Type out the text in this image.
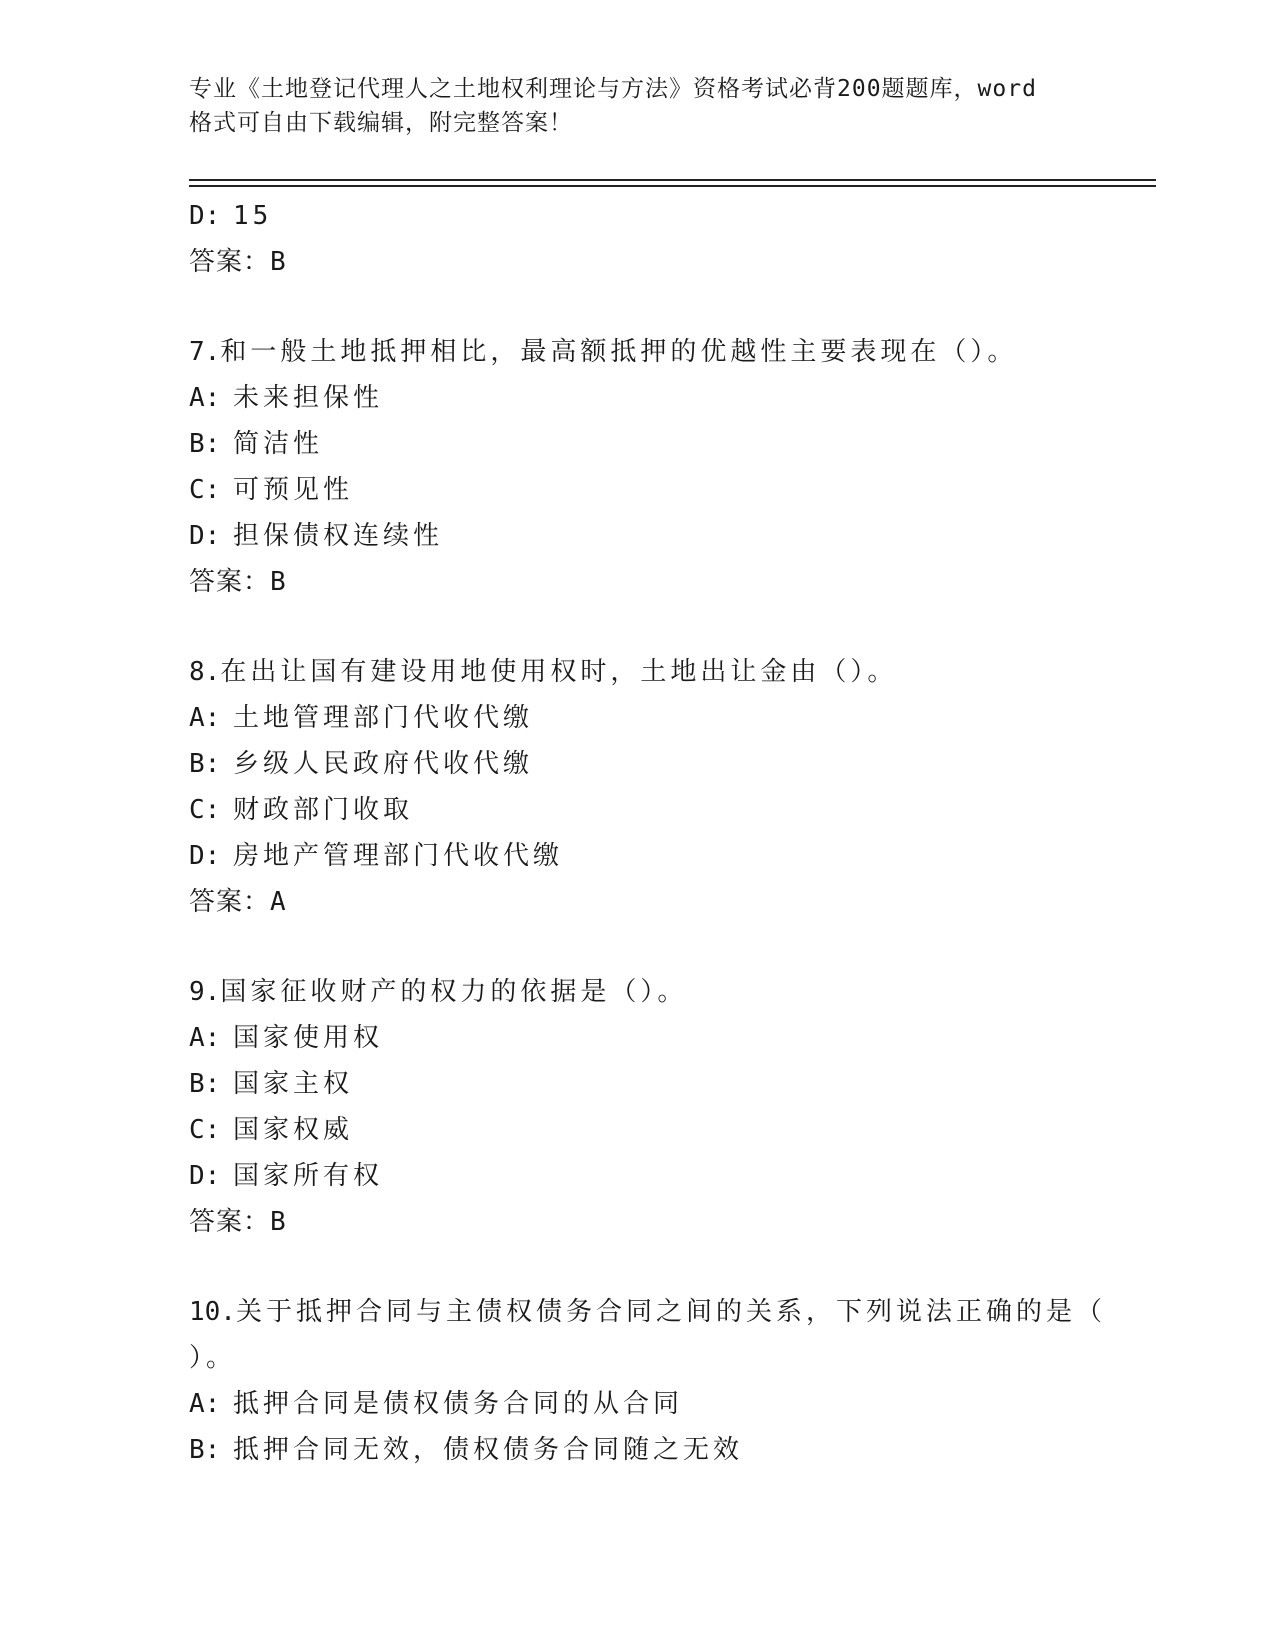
专业《土地登记代理人之土地权利理论与方法》资格考试必背200题题库，word
格式可自由下载编辑，附完整答案！
D: 15
答案：B
7.和一般土地抵押相比，最高额抵押的优越性主要表现在（）。
A: 未来担保性
B: 简洁性
C: 可预见性
D: 担保债权连续性
答案：B
8.在出让国有建设用地使用权时，土地出让金由（）。
A: 土地管理部门代收代缴
B: 乡级人民政府代收代缴
C: 财政部门收取
D: 房地产管理部门代收代缴
答案：A
9.国家征收财产的权力的依据是（）。
A: 国家使用权
B: 国家主权
C: 国家权威
D: 国家所有权
答案：B
10.关于抵押合同与主债权债务合同之间的关系，下列说法正确的是（
）。
A: 抵押合同是债权债务合同的从合同
B: 抵押合同无效，债权债务合同随之无效
